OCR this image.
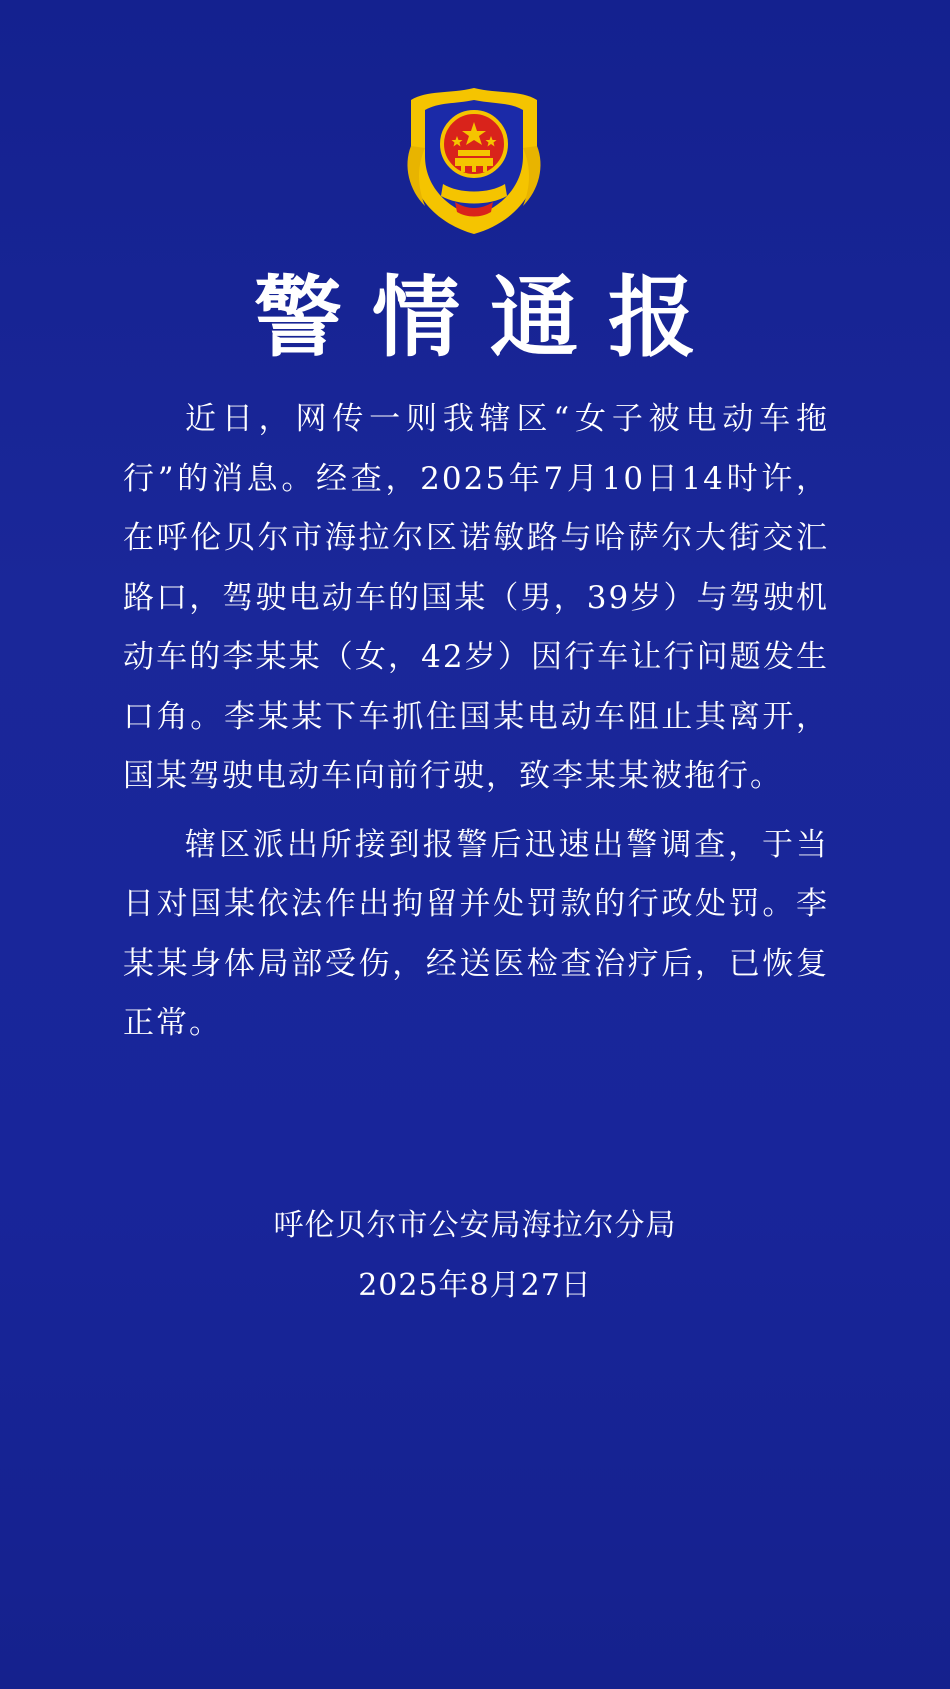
警情通报

近日，网传一则我辖区“女子被电动车拖行”的消息。经查，2025年7月10日14时许，在呼伦贝尔市海拉尔区诺敏路与哈萨尔大街交汇路口，驾驶电动车的国某（男，39岁）与驾驶机动车的李某某（女，42岁）因行车让行问题发生口角。李某某下车抓住国某电动车阻止其离开，国某驾驶电动车向前行驶，致李某某被拖行。

辖区派出所接到报警后迅速出警调查，于当日对国某依法作出拘留并处罚款的行政处罚。李某某身体局部受伤，经送医检查治疗后，已恢复正常。

呼伦贝尔市公安局海拉尔分局
2025年8月27日
